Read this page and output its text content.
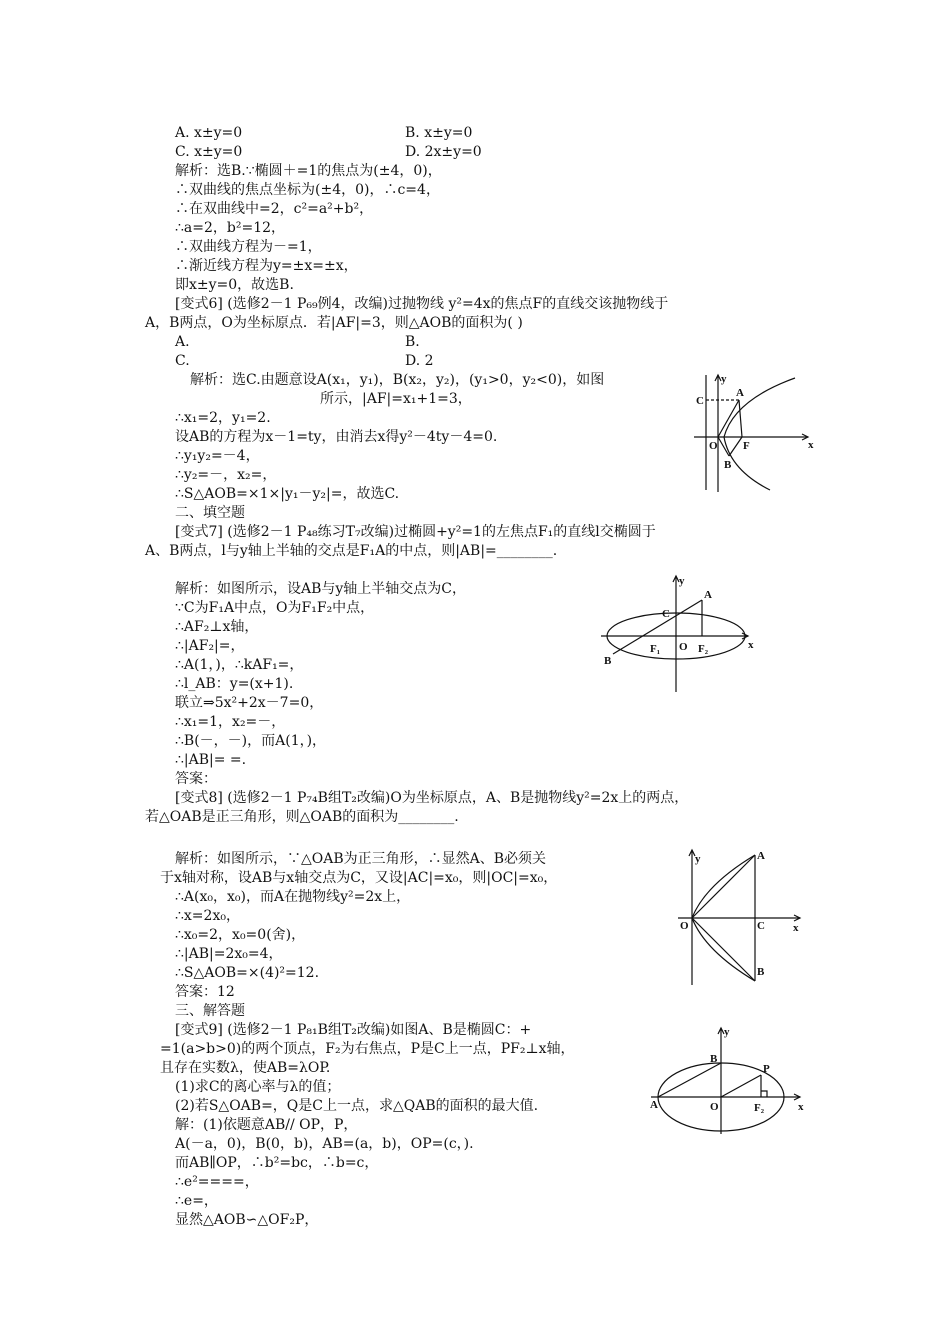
A. x±y=0	B. x±y=0
C. x±y=0	D. 2x±y=0
解析：选B.∵椭圆＋=1的焦点为(±4，0)，
∴双曲线的焦点坐标为(±4，0)，∴c=4，
∴在双曲线中=2，c²=a²+b²，
∴a=2，b²=12，
∴双曲线方程为－=1，
∴渐近线方程为y=±x=±x，
即x±y=0，故选B.
[变式6] (选修2－1 P₆₉例4，改编)过抛物线 y²=4x的焦点F的直线交该抛物线于
A，B两点，O为坐标原点．若|AF|=3，则△AOB的面积为( )
A.	B.
C.	D. 2
解析：选C.由题意设A(x₁，y₁)，B(x₂，y₂)，(y₁>0，y₂<0)，如图
所示，|AF|=x₁+1=3，
∴x₁=2，y₁=2.
设AB的方程为x－1=ty，由消去x得y²－4ty－4=0.
∴y₁y₂=－4，
∴y₂=－，x₂=，
∴S△AOB=×1×|y₁－y₂|=，故选C.
二、填空题
[变式7] (选修2－1 P₄₈练习T₇改编)过椭圆+y²=1的左焦点F₁的直线l交椭圆于
A、B两点，l与y轴上半轴的交点是F₁A的中点，则|AB|=________.
解析：如图所示，设AB与y轴上半轴交点为C，
∵C为F₁A中点，O为F₁F₂中点，
∴AF₂⊥x轴，
∴|AF₂|=，
∴A(1，)，∴kAF₁=，
∴l_AB：y=(x+1).
联立⇒5x²+2x－7=0，
∴x₁=1，x₂=－，
∴B(－，－)，而A(1，)，
∴|AB|= =.
答案：
[变式8] (选修2－1 P₇₄B组T₂改编)O为坐标原点，A、B是抛物线y²=2x上的两点，
若△OAB是正三角形，则△OAB的面积为________.
解析：如图所示，∵△OAB为正三角形，∴显然A、B必须关
于x轴对称，设AB与x轴交点为C，又设|AC|=x₀，则|OC|=x₀，
∴A(x₀，x₀)，而A在抛物线y²=2x上，
∴x=2x₀，
∴x₀=2，x₀=0(舍)，
∴|AB|=2x₀=4，
∴S△AOB=×(4)²=12.
答案：12
三、解答题
[变式9] (选修2－1 P₈₁B组T₂改编)如图A、B是椭圆C：+
=1(a>b>0)的两个顶点，F₂为右焦点，P是C上一点，PF₂⊥x轴，
且存在实数λ，使AB=λOP.
(1)求C的离心率与λ的值；
(2)若S△OAB=，Q是C上一点，求△QAB的面积的最大值.
解：(1)依题意AB// OP，P，
A(－a，0)，B(0，b)，AB=(a，b)，OP=(c，).
而AB∥OP，∴b²=bc，∴b=c，
∴e²====，
∴e=，
显然△AOB∽△OF₂P，
y
A
C
O F	x
B
y
A
C
F₁ O F₂	x
B
y	A
O	C	x
B
y
B
P
A	O	F₂	x
